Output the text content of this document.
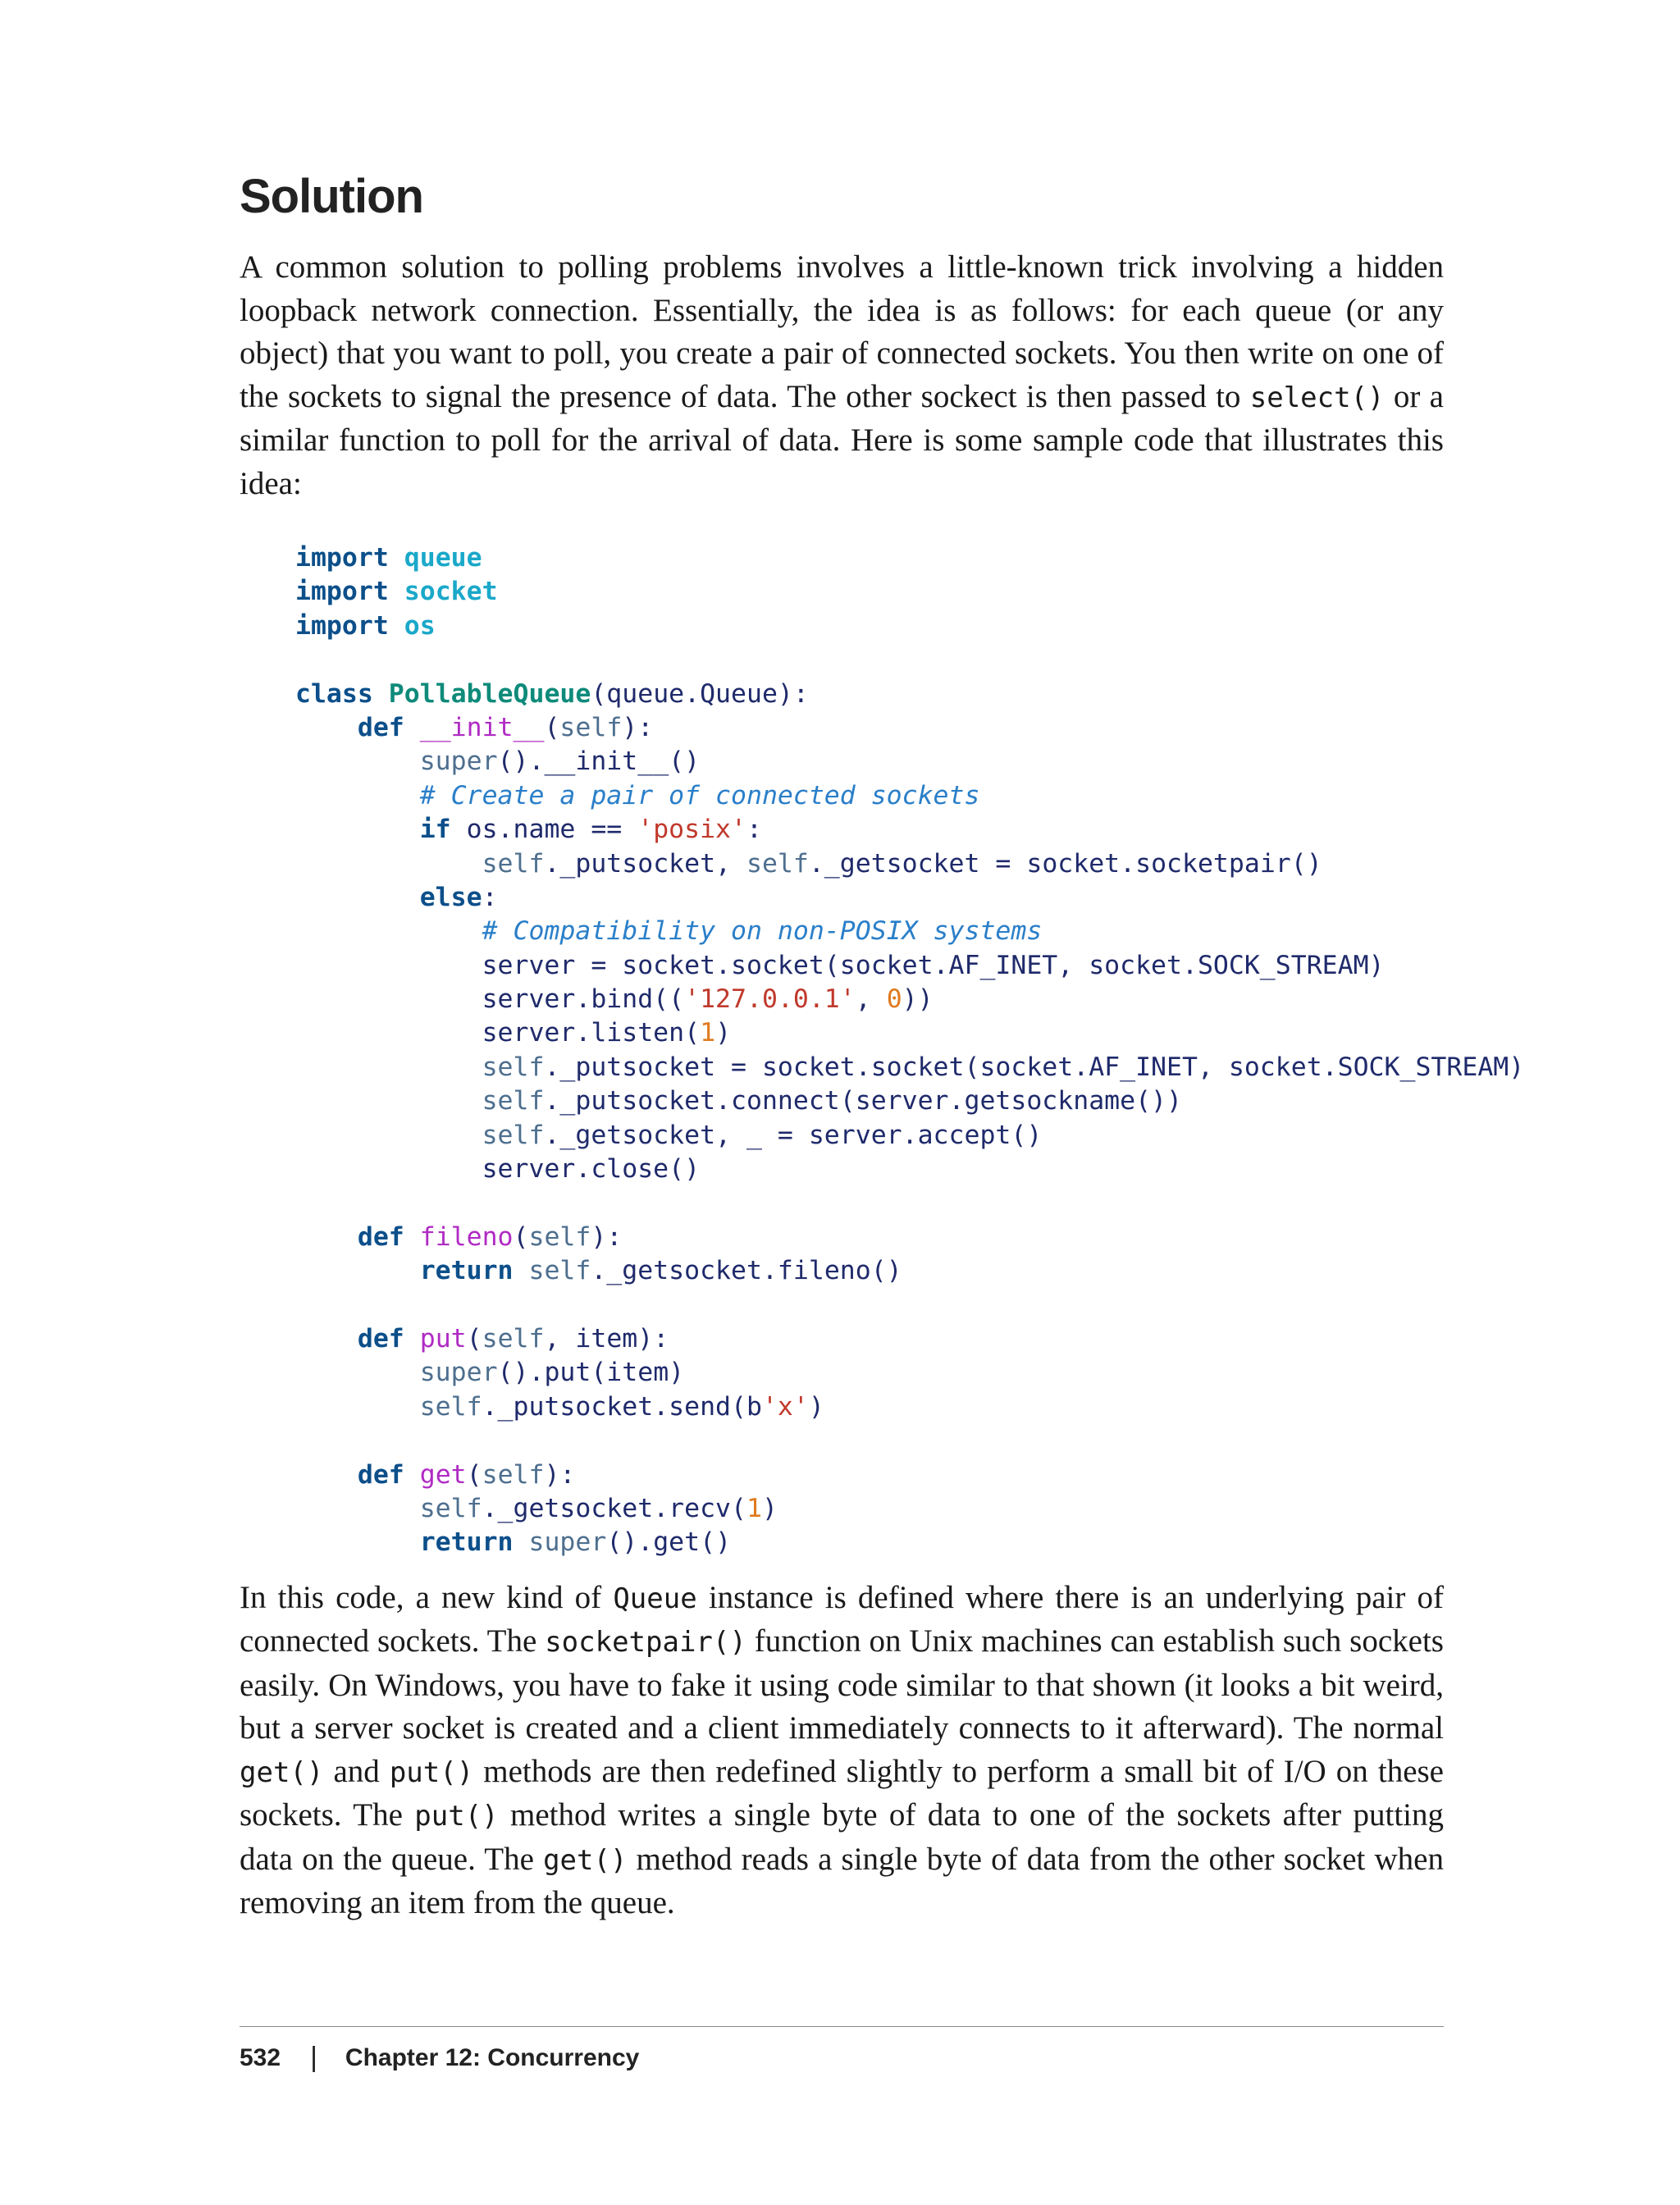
Solution

A common solution to polling problems involves a little-known trick involving a hidden loopback network connection. Essentially, the idea is as follows: for each queue (or any object) that you want to poll, you create a pair of connected sockets. You then write on one of the sockets to signal the presence of data. The other sockect is then passed to select() or a similar function to poll for the arrival of data. Here is some sample code that illustrates this idea:

import queue
import socket
import os
class PollableQueue(queue.Queue):
def __init__(self):
super().__init__()
# Create a pair of connected sockets
if os.name == 'posix':
self._putsocket, self._getsocket = socket.socketpair()
else:
# Compatibility on non-POSIX systems
server = socket.socket(socket.AF_INET, socket.SOCK_STREAM)
server.bind(('127.0.0.1', 0))
server.listen(1)
self._putsocket = socket.socket(socket.AF_INET, socket.SOCK_STREAM)
self._putsocket.connect(server.getsockname())
self._getsocket, _ = server.accept()
server.close()
def fileno(self):
return self._getsocket.fileno()
def put(self, item):
super().put(item)
self._putsocket.send(b'x')
def get(self):
self._getsocket.recv(1)
return super().get()

In this code, a new kind of Queue instance is defined where there is an underlying pair of connected sockets. The socketpair() function on Unix machines can establish such sockets easily. On Windows, you have to fake it using code similar to that shown (it looks a bit weird, but a server socket is created and a client immediately connects to it afterward). The normal get() and put() methods are then redefined slightly to perform a small bit of I/O on these sockets. The put() method writes a single byte of data to one of the sockets after putting data on the queue. The get() method reads a single byte of data from the other socket when removing an item from the queue.

532 | Chapter 12: Concurrency
